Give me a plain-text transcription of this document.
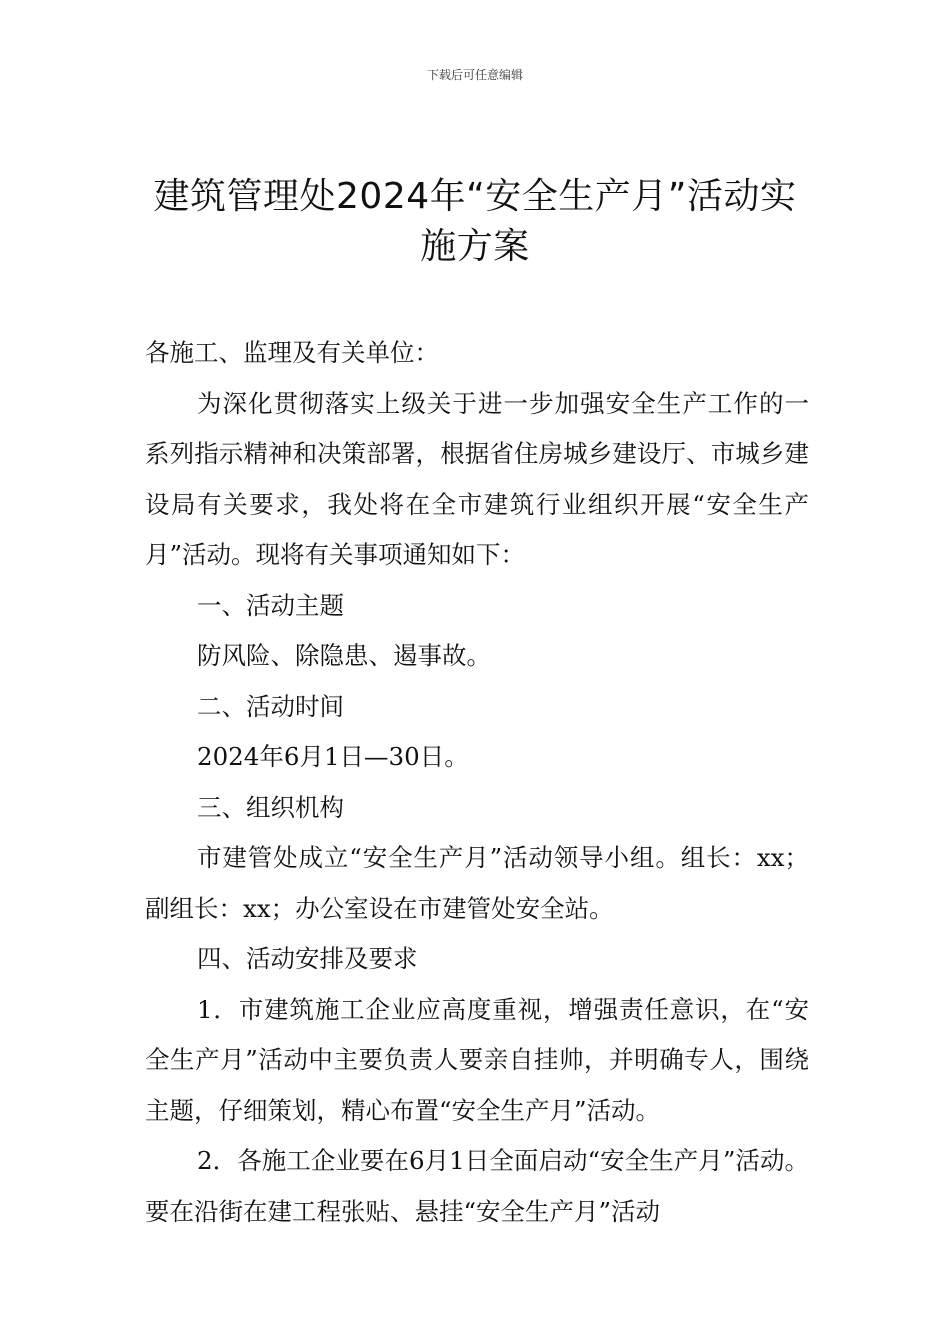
下载后可任意编辑
建筑管理处2024年“安全生产月”活动实施方案

各施工、监理及有关单位：

为深化贯彻落实上级关于进一步加强安全生产工作的一系列指示精神和决策部署，根据省住房城乡建设厅、市城乡建设局有关要求，我处将在全市建筑行业组织开展“安全生产月”活动。现将有关事项通知如下：

一、活动主题

防风险、除隐患、遏事故。

二、活动时间

2024年6月1日—30日。

三、组织机构

市建管处成立“安全生产月”活动领导小组。组长：xx；副组长：xx；办公室设在市建管处安全站。

四、活动安排及要求

1．市建筑施工企业应高度重视，增强责任意识，在“安全生产月”活动中主要负责人要亲自挂帅，并明确专人，围绕主题，仔细策划，精心布置“安全生产月”活动。

2．各施工企业要在6月1日全面启动“安全生产月”活动。要在沿街在建工程张贴、悬挂“安全生产月”活动
